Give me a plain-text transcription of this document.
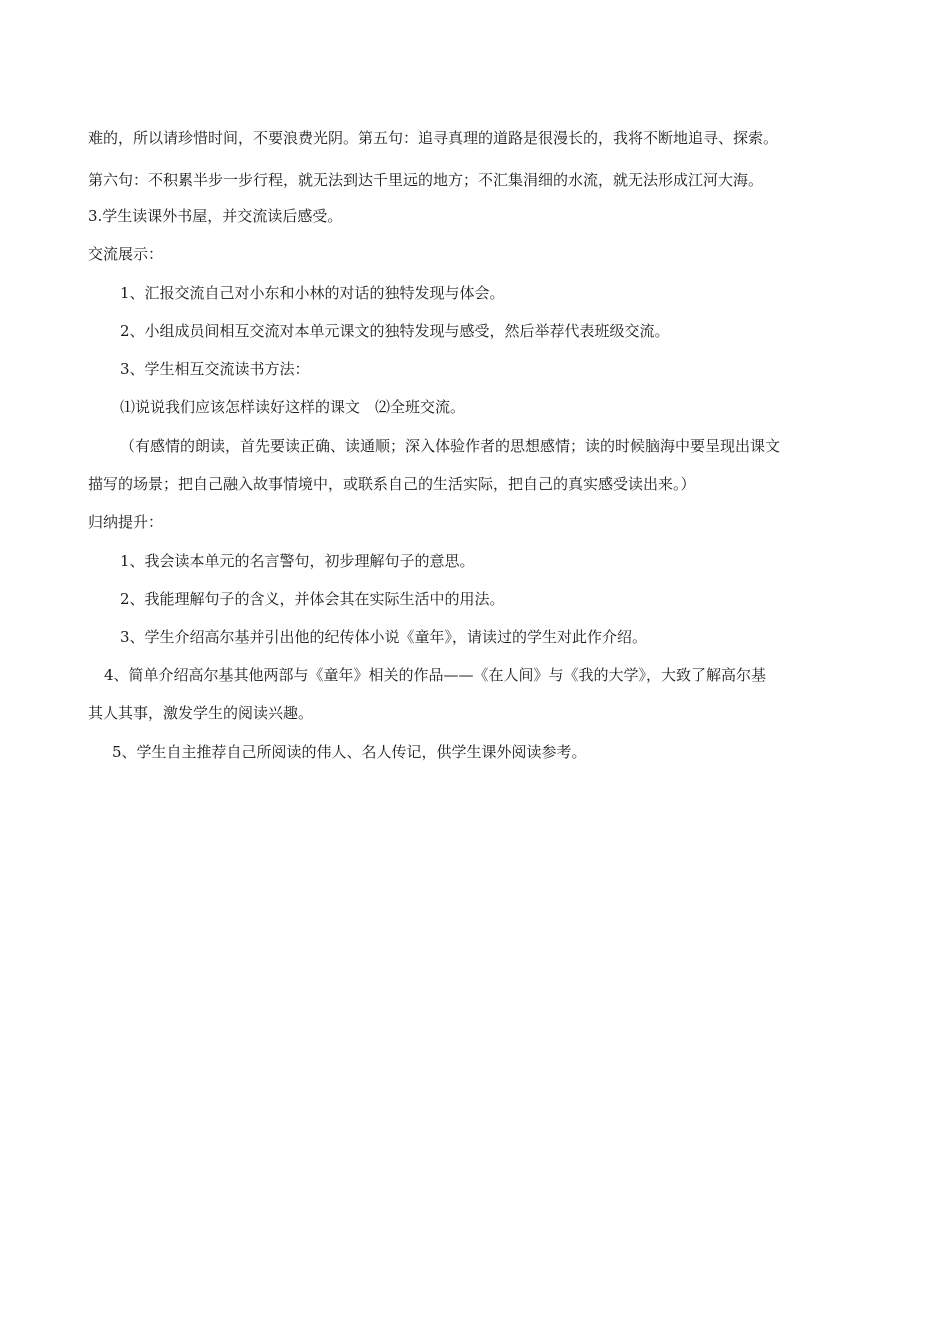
难的，所以请珍惜时间，不要浪费光阴。第五句：追寻真理的道路是很漫长的，我将不断地追寻、探索。
第六句：不积累半步一步行程，就无法到达千里远的地方；不汇集涓细的水流，就无法形成江河大海。
3.学生读课外书屋，并交流读后感受。
交流展示：
1、汇报交流自己对小东和小林的对话的独特发现与体会。
2、小组成员间相互交流对本单元课文的独特发现与感受，然后举荐代表班级交流。
3、学生相互交流读书方法：
⑴说说我们应该怎样读好这样的课文　⑵全班交流。
（有感情的朗读，首先要读正确、读通顺；深入体验作者的思想感情；读的时候脑海中要呈现出课文
描写的场景；把自己融入故事情境中，或联系自己的生活实际，把自己的真实感受读出来。）
归纳提升：
1、我会读本单元的名言警句，初步理解句子的意思。
2、我能理解句子的含义，并体会其在实际生活中的用法。
3、学生介绍高尔基并引出他的纪传体小说《童年》，请读过的学生对此作介绍。
4、简单介绍高尔基其他两部与《童年》相关的作品——《在人间》与《我的大学》，大致了解高尔基
其人其事，激发学生的阅读兴趣。
5、学生自主推荐自己所阅读的伟人、名人传记，供学生课外阅读参考。
